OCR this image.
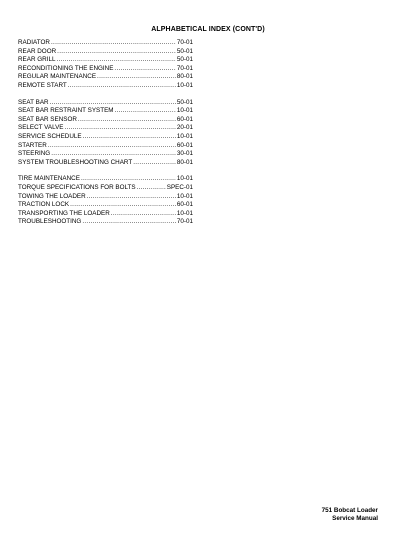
ALPHABETICAL INDEX (CONT'D)
RADIATOR .....	70-01
REAR DOOR .....	50-01
REAR GRILL .....	50-01
RECONDITIONING THE ENGINE .....	70-01
REGULAR MAINTENANCE .....	80-01
REMOTE START .....	10-01
SEAT BAR .....	50-01
SEAT BAR RESTRAINT SYSTEM .....	10-01
SEAT BAR SENSOR .....	60-01
SELECT VALVE .....	20-01
SERVICE SCHEDULE .....	10-01
STARTER .....	60-01
STEERING .....	30-01
SYSTEM TROUBLESHOOTING CHART .....	80-01
TIRE MAINTENANCE .....	10-01
TORQUE SPECIFICATIONS FOR BOLTS .....	SPEC-01
TOWING THE LOADER .....	10-01
TRACTION LOCK .....	60-01
TRANSPORTING THE LOADER .....	10-01
TROUBLESHOOTING .....	70-01
751 Bobcat Loader
Service Manual
